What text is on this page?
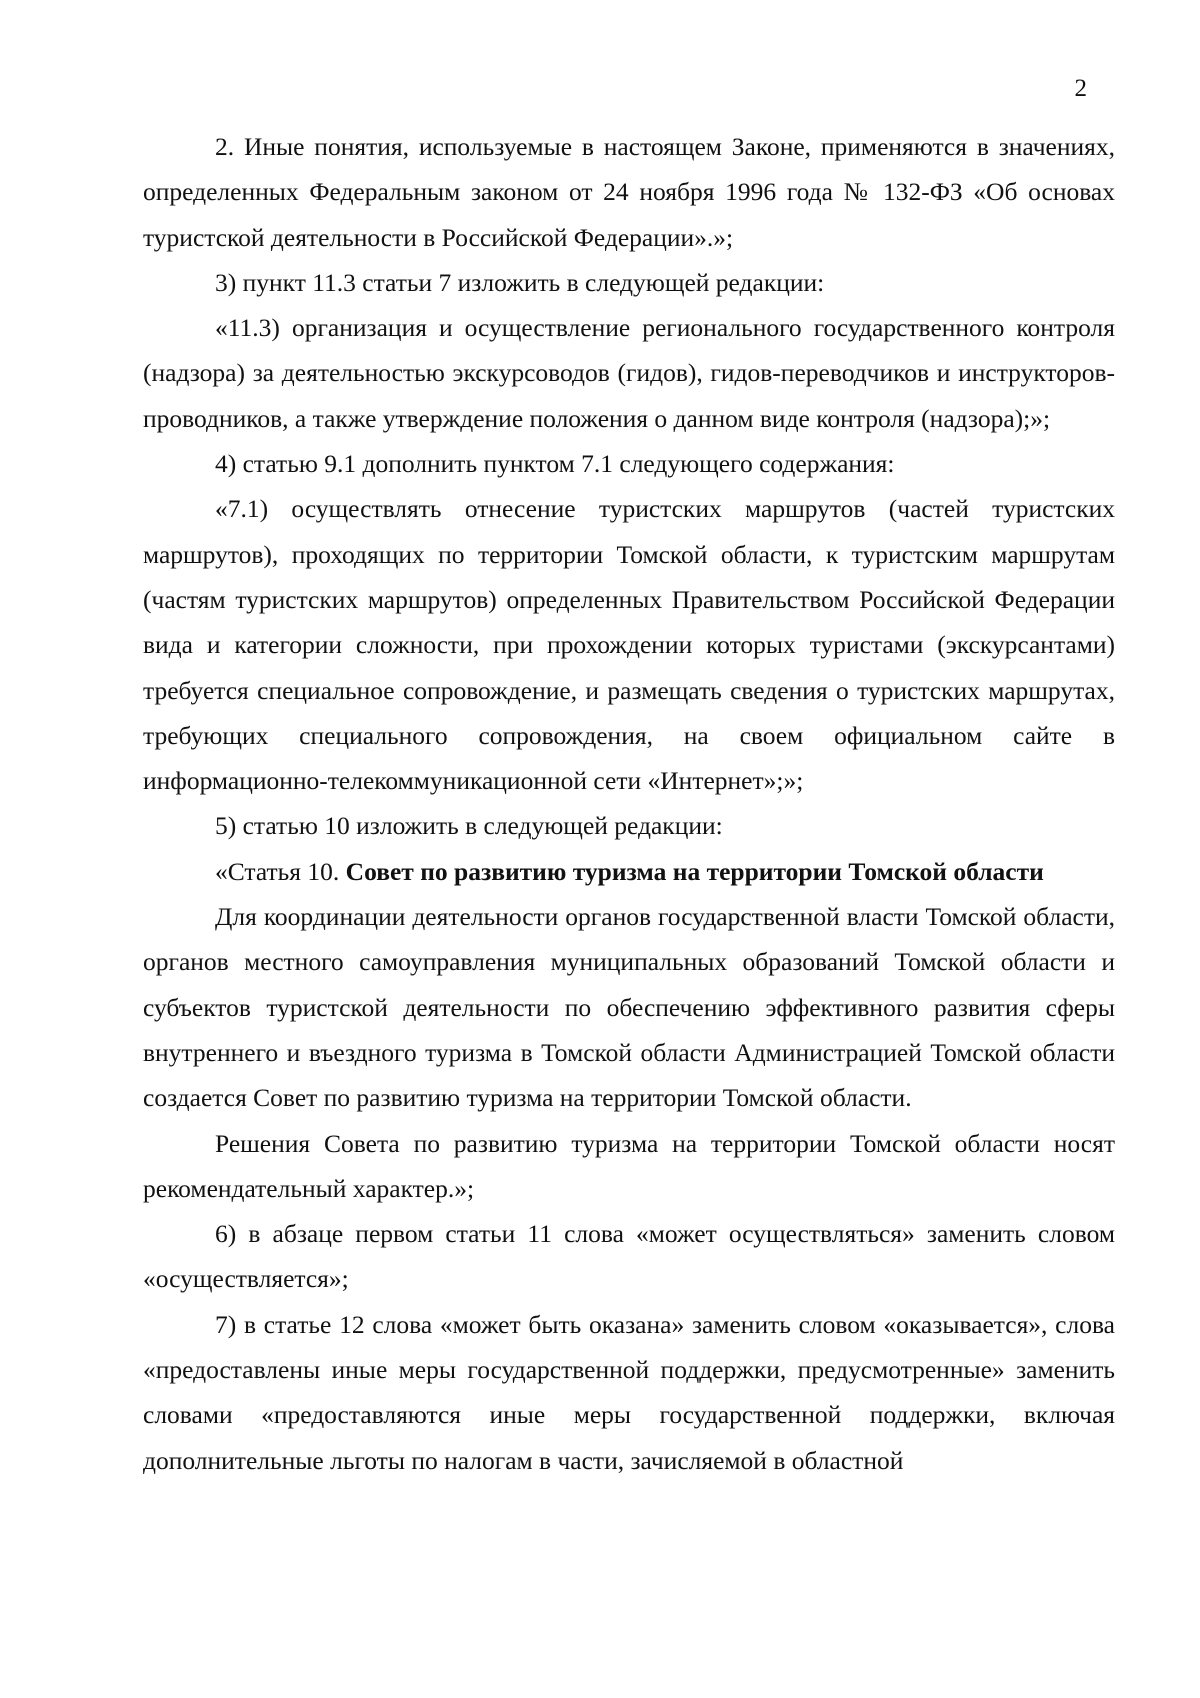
2

2. Иные понятия, используемые в настоящем Законе, применяются в значениях, определенных Федеральным законом от 24 ноября 1996 года № 132-ФЗ «Об основах туристской деятельности в Российской Федерации».»;

3) пункт 11.3 статьи 7 изложить в следующей редакции:

«11.3) организация и осуществление регионального государственного контроля (надзора) за деятельностью экскурсоводов (гидов), гидов-переводчиков и инструкторов-проводников, а также утверждение положения о данном виде контроля (надзора);»;

4) статью 9.1 дополнить пунктом 7.1 следующего содержания:

«7.1) осуществлять отнесение туристских маршрутов (частей туристских маршрутов), проходящих по территории Томской области, к туристским маршрутам (частям туристских маршрутов) определенных Правительством Российской Федерации вида и категории сложности, при прохождении которых туристами (экскурсантами) требуется специальное сопровождение, и размещать сведения о туристских маршрутах, требующих специального сопровождения, на своем официальном сайте в информационно-телекоммуникационной сети «Интернет»;»;

5) статью 10 изложить в следующей редакции:

«Статья 10. Совет по развитию туризма на территории Томской области

Для координации деятельности органов государственной власти Томской области, органов местного самоуправления муниципальных образований Томской области и субъектов туристской деятельности по обеспечению эффективного развития сферы внутреннего и въездного туризма в Томской области Администрацией Томской области создается Совет по развитию туризма на территории Томской области.

Решения Совета по развитию туризма на территории Томской области носят рекомендательный характер.»;

6) в абзаце первом статьи 11 слова «может осуществляться» заменить словом «осуществляется»;

7) в статье 12 слова «может быть оказана» заменить словом «оказывается», слова «предоставлены иные меры государственной поддержки, предусмотренные» заменить словами «предоставляются иные меры государственной поддержки, включая дополнительные льготы по налогам в части, зачисляемой в областной
